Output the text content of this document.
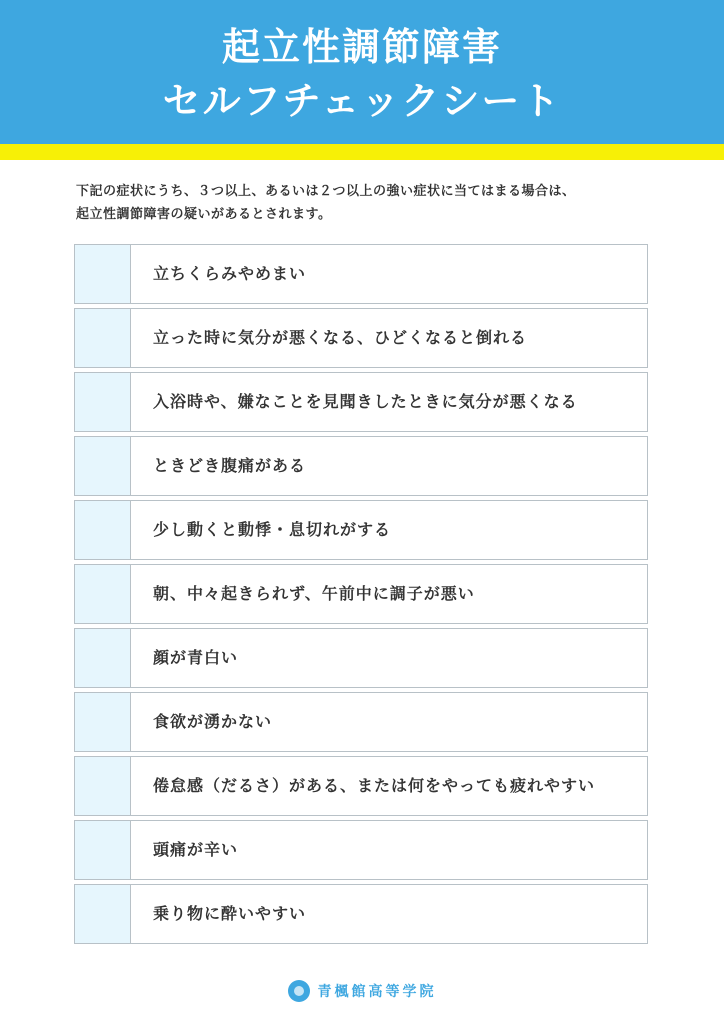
起立性調節障害
セルフチェックシート

下記の症状にうち、３つ以上、あるいは２つ以上の強い症状に当てはまる場合は、

起立性調節障害の疑いがあるとされます。

立ちくらみやめまい
立った時に気分が悪くなる、ひどくなると倒れる
入浴時や、嫌なことを見聞きしたときに気分が悪くなる
ときどき腹痛がある
少し動くと動悸・息切れがする
朝、中々起きられず、午前中に調子が悪い
顔が青白い
食欲が湧かない
倦怠感（だるさ）がある、または何をやっても疲れやすい
頭痛が辛い
乗り物に酔いやすい
青楓館高等学院
